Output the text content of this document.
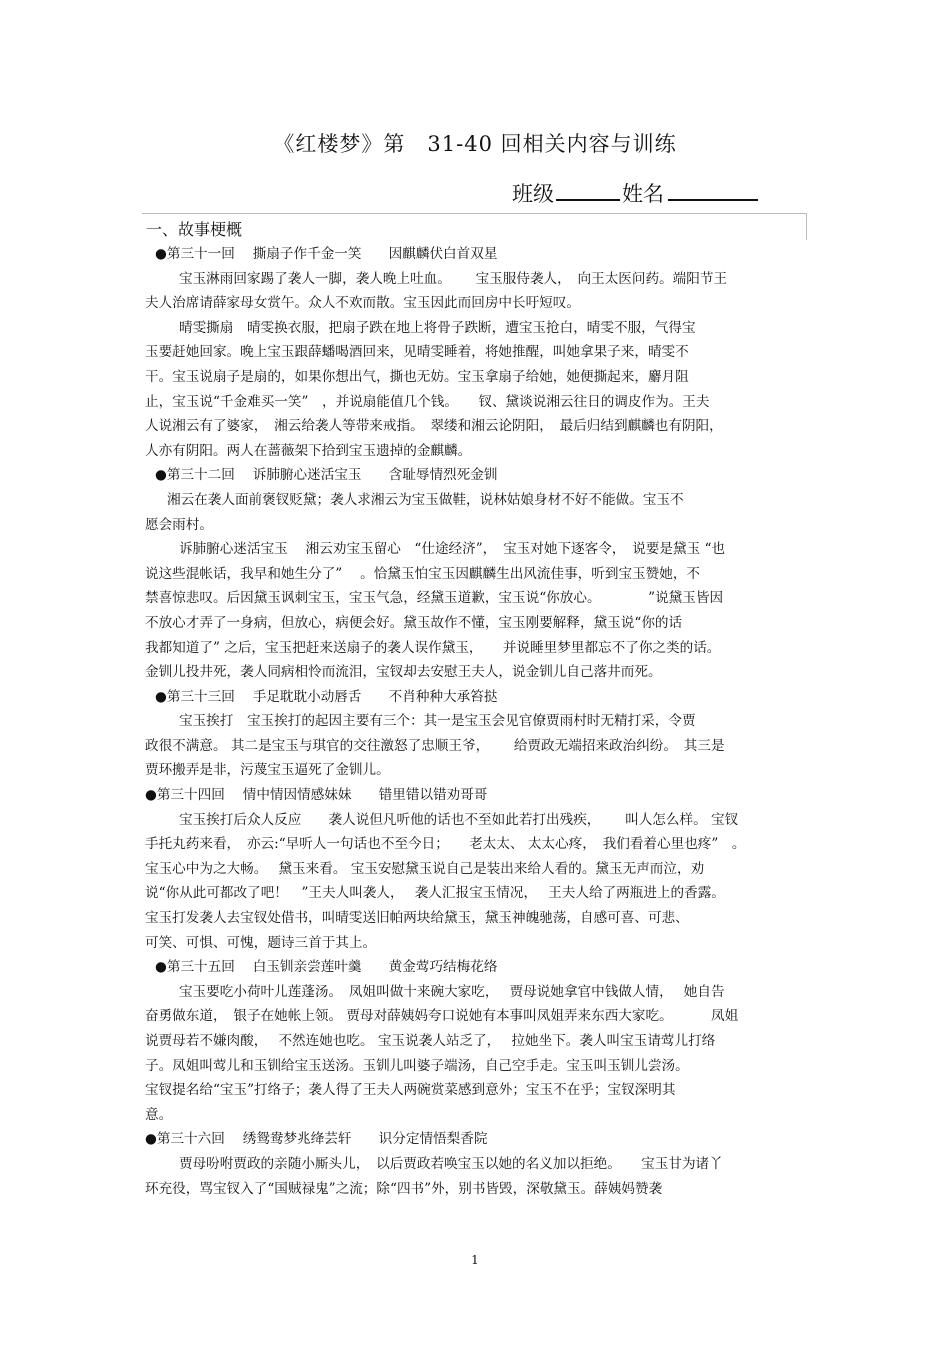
《红楼梦》第　31-40 回相关内容与训练
班级	姓名
一、故事梗概
●第三十一回　 撕扇子作千金一笑　　因麒麟伏白首双星
宝玉淋雨回家踢了袭人一脚，袭人晚上吐血。　　 宝玉服侍袭人，　向王太医问药。端阳节王
夫人治席请薛家母女赏午。众人不欢而散。宝玉因此而回房中长吁短叹。
晴雯撕扇　晴雯换衣服，把扇子跌在地上将骨子跌断，遭宝玉抢白，晴雯不服，气得宝
玉要赶她回家。晚上宝玉跟薛蟠喝酒回来，见晴雯睡着，将她推醒，叫她拿果子来，晴雯不
干。宝玉说扇子是扇的，如果你想出气，撕也无妨。宝玉拿扇子给她，她便撕起来，麝月阻
止，宝玉说“千金难买一笑”　，并说扇能值几个钱。　　钗、黛谈说湘云往日的调皮作为。王夫
人说湘云有了婆家，　湘云给袭人等带来戒指。　翠缕和湘云论阴阳，　最后归结到麒麟也有阴阳，
人亦有阴阳。两人在蔷薇架下拾到宝玉遗掉的金麒麟。
●第三十二回　 诉肺腑心迷活宝玉　　含耻辱情烈死金钏
湘云在袭人面前褒钗贬黛；袭人求湘云为宝玉做鞋，说林姑娘身材不好不能做。宝玉不
愿会雨村。
诉肺腑心迷活宝玉　 湘云劝宝玉留心　“仕途经济”，　宝玉对她下逐客令，　说要是黛玉 “也
说这些混帐话，我早和她生分了”　 。恰黛玉怕宝玉因麒麟生出风流佳事，听到宝玉赞她，不
禁喜惊悲叹。后因黛玉讽刺宝玉，宝玉气急，经黛玉道歉，宝玉说“你放心。　　　　”说黛玉皆因
不放心才弄了一身病，但放心，病便会好。黛玉故作不懂，宝玉刚要解释，黛玉说“你的话
我都知道了” 之后，宝玉把赶来送扇子的袭人误作黛玉，　　并说睡里梦里都忘不了你之类的话。
金钏儿投井死，袭人同病相怜而流泪，宝钗却去安慰王夫人，说金钏儿自己落井而死。
●第三十三回　 手足耽耽小动唇舌　　不肖种种大承笞挞
宝玉挨打　宝玉挨打的起因主要有三个：其一是宝玉会见官僚贾雨村时无精打采，令贾
政很不满意。 其二是宝玉与琪官的交往激怒了忠顺王爷，　　 给贾政无端招来政治纠纷。　其三是
贾环搬弄是非，污蔑宝玉逼死了金钏儿。
●第三十四回　 情中情因情感妹妹　　错里错以错劝哥哥
宝玉挨打后众人反应　　袭人说但凡听他的话也不至如此若打出残疾，　　 叫人怎么样。 宝钗
手托丸药来看，　亦云:“早听人一句话也不至今日；　　老太太、 太太心疼，　我们看着心里也疼”　。
宝玉心中为之大畅。　 黛玉来看。 宝玉安慰黛玉说自己是装出来给人看的。黛玉无声而泣，劝
说“你从此可都改了吧！　”王夫人叫袭人，　 袭人汇报宝玉情况，　 王夫人给了两瓶进上的香露。
宝玉打发袭人去宝钗处借书，叫晴雯送旧帕两块给黛玉，黛玉神魄驰荡，自感可喜、可悲、
可笑、可惧、可愧，题诗三首于其上。
●第三十五回　 白玉钏亲尝莲叶羹　　黄金莺巧结梅花络
宝玉要吃小荷叶儿莲蓬汤。　凤姐叫做十来碗大家吃，　 贾母说她拿官中钱做人情，　 她自告
奋勇做东道，　银子在她帐上领。 贾母对薛姨妈夸口说她有本事叫凤姐弄来东西大家吃。　　　 凤姐
说贾母若不嫌肉酸，　 不然连她也吃。 宝玉说袭人站乏了，　 拉她坐下。袭人叫宝玉请莺儿打络
子。凤姐叫莺儿和玉钏给宝玉送汤。玉钏儿叫婆子端汤，自己空手走。宝玉叫玉钏儿尝汤。
宝钗提名给“宝玉”打络子；袭人得了王夫人两碗赏菜感到意外；宝玉不在乎；宝钗深明其
意。
●第三十六回　 绣鸳鸯梦兆绛芸轩　　识分定情悟梨香院
贾母吩咐贾政的亲随小厮头儿，　以后贾政若唤宝玉以她的名义加以拒绝。　　宝玉甘为诸丫
环充役，骂宝钗入了“国贼禄鬼”之流；除“四书”外，别书皆毁，深敬黛玉。薛姨妈赞袭
1
